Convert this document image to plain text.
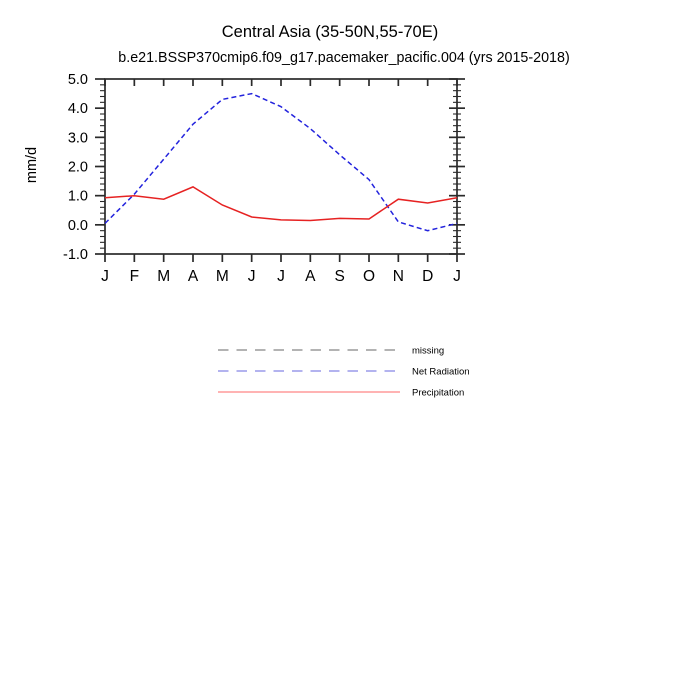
Central Asia (35-50N,55-70E)
b.e21.BSSP370cmip6.f09_g17.pacemaker_pacific.004 (yrs 2015-2018)
mm/d
-1.0
0.0
1.0
2.0
3.0
4.0
5.0
J F M A M J J A S O N D J
missing
Net Radiation
Precipitation
